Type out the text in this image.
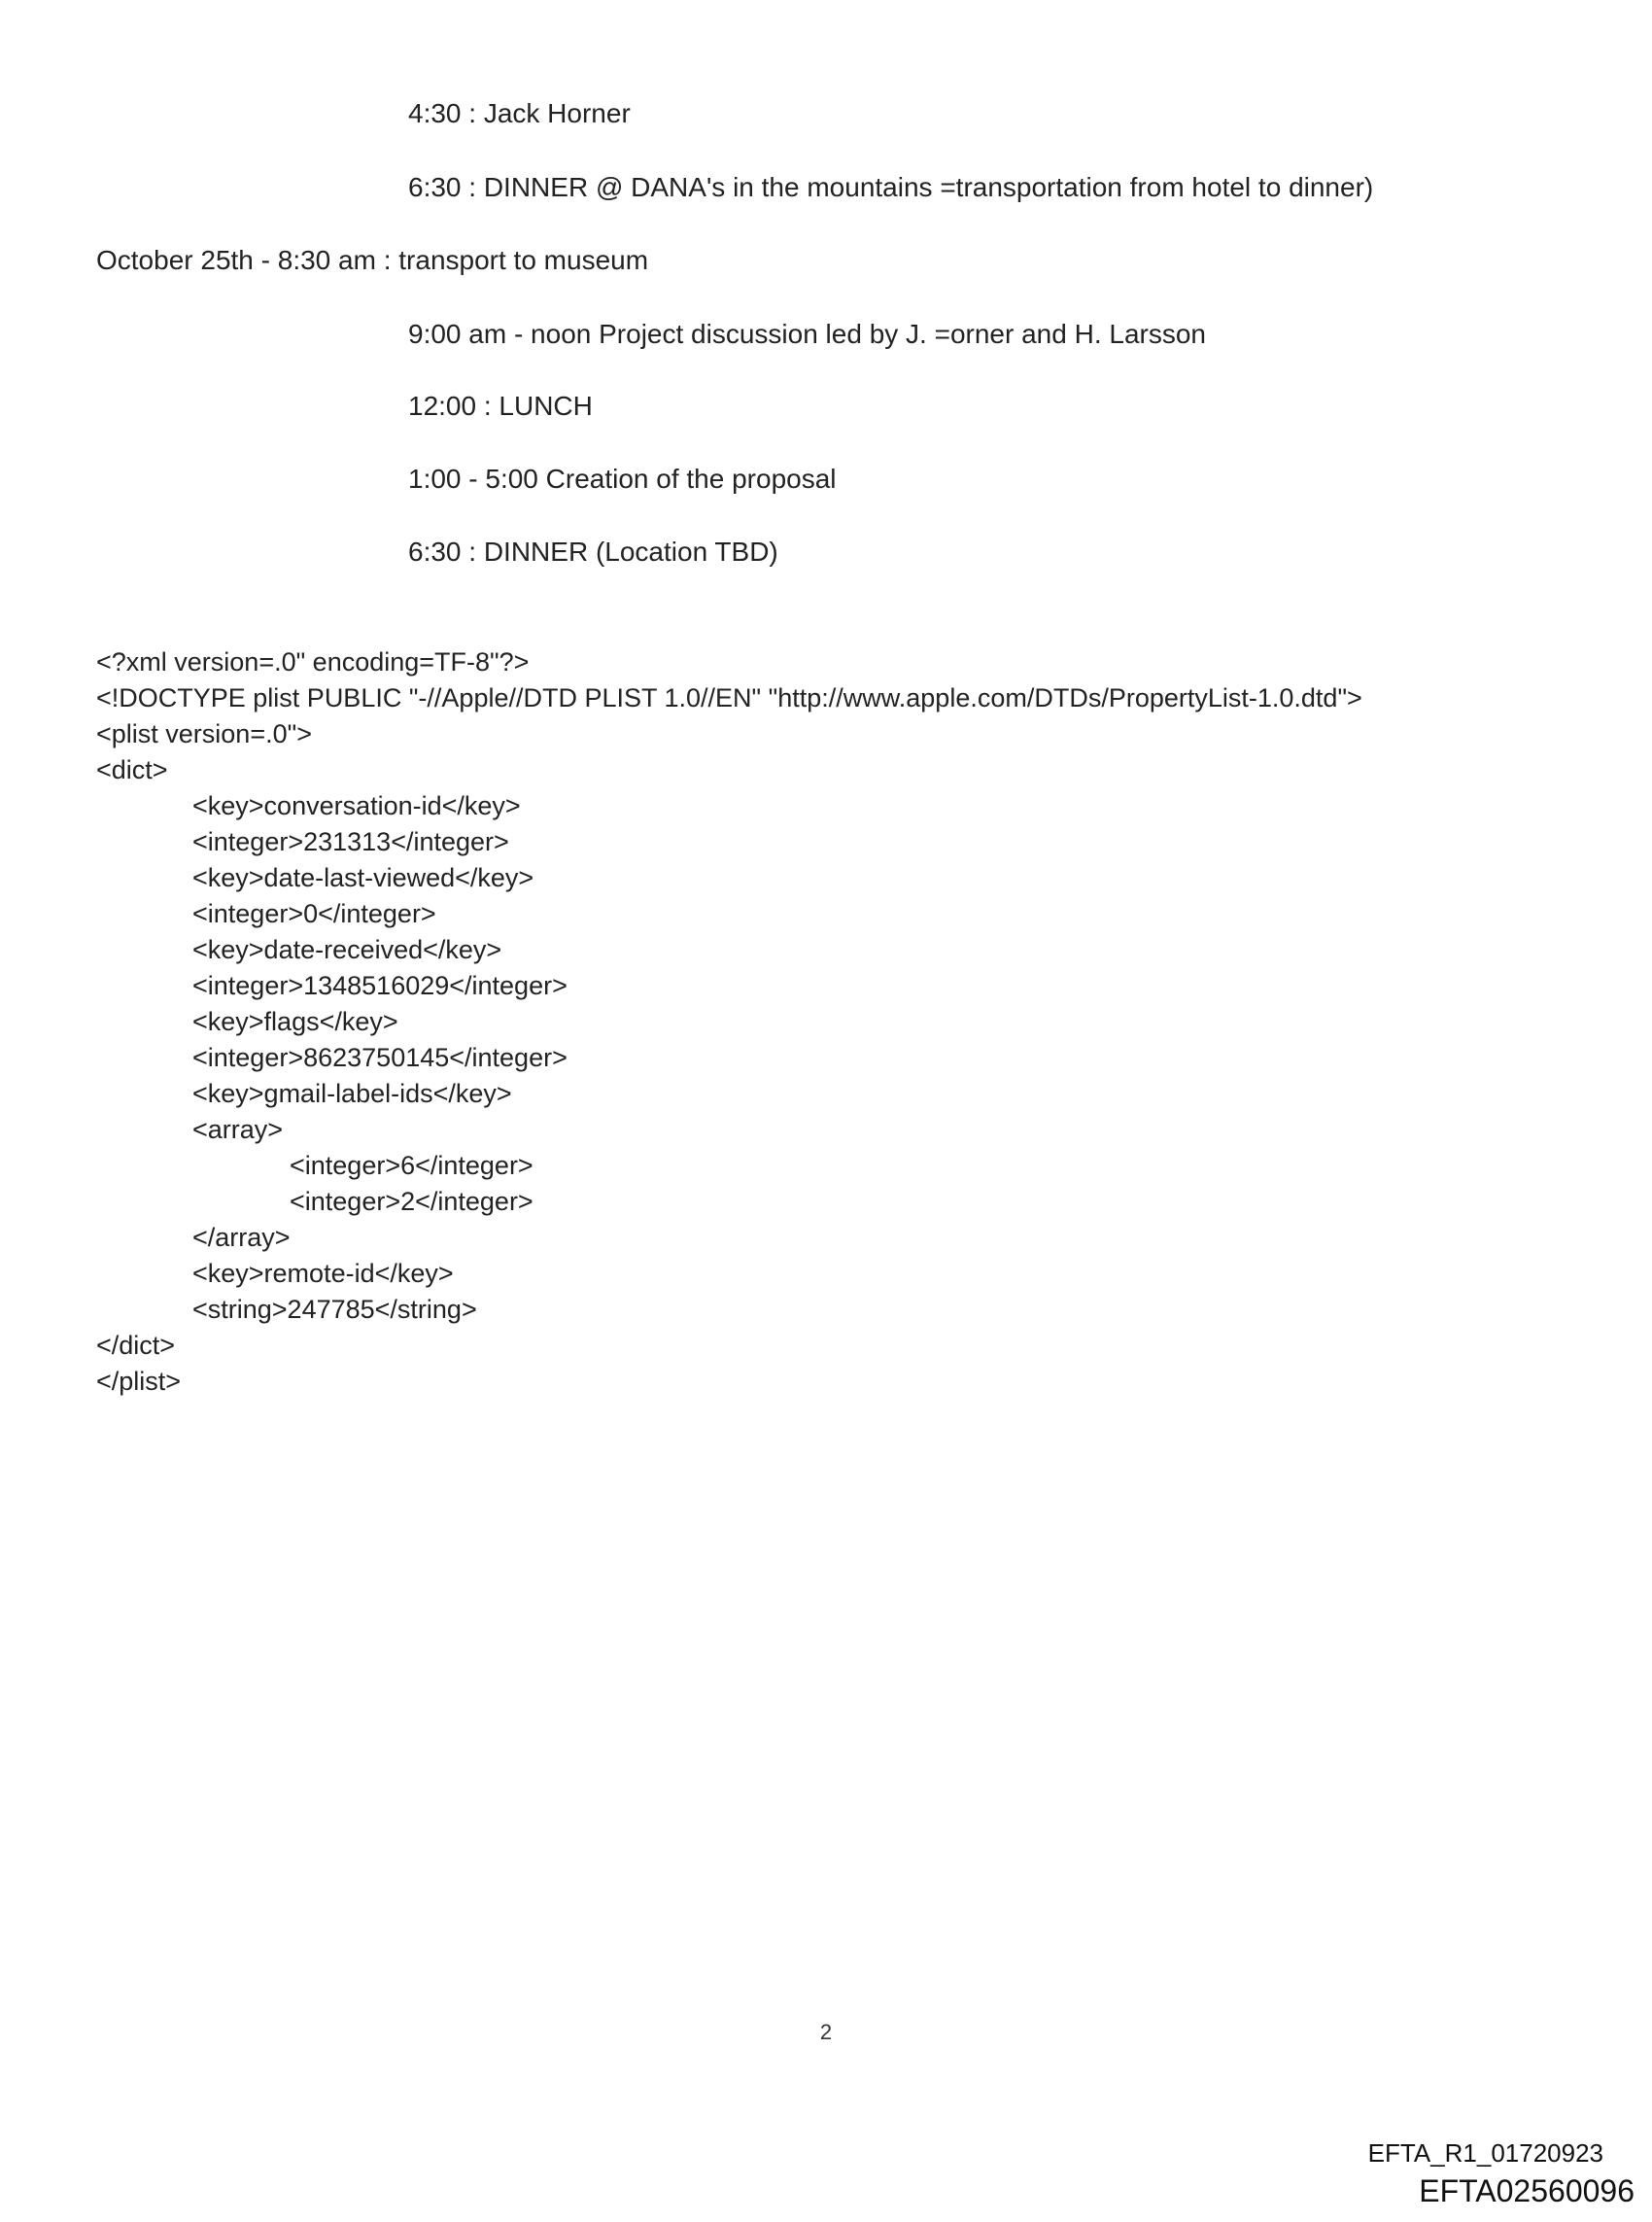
4:30 : Jack Horner
6:30 : DINNER @ DANA's in the mountains =transportation from hotel to dinner)
October 25th - 8:30 am : transport to museum
9:00 am - noon Project discussion led by J. =orner and H. Larsson
12:00 : LUNCH
1:00 - 5:00 Creation of the proposal
6:30 : DINNER (Location TBD)
<?xml version=.0" encoding=TF-8"?>
<!DOCTYPE plist PUBLIC "-//Apple//DTD PLIST 1.0//EN" "http://www.apple.com/DTDs/PropertyList-1.0.dtd">
<plist version=.0">
<dict>
<key>conversation-id</key>
<integer>231313</integer>
<key>date-last-viewed</key>
<integer>0</integer>
<key>date-received</key>
<integer>1348516029</integer>
<key>flags</key>
<integer>8623750145</integer>
<key>gmail-label-ids</key>
<array>
<integer>6</integer>
<integer>2</integer>
</array>
<key>remote-id</key>
<string>247785</string>
</dict>
</plist>
2
EFTA_R1_01720923
EFTA02560096
